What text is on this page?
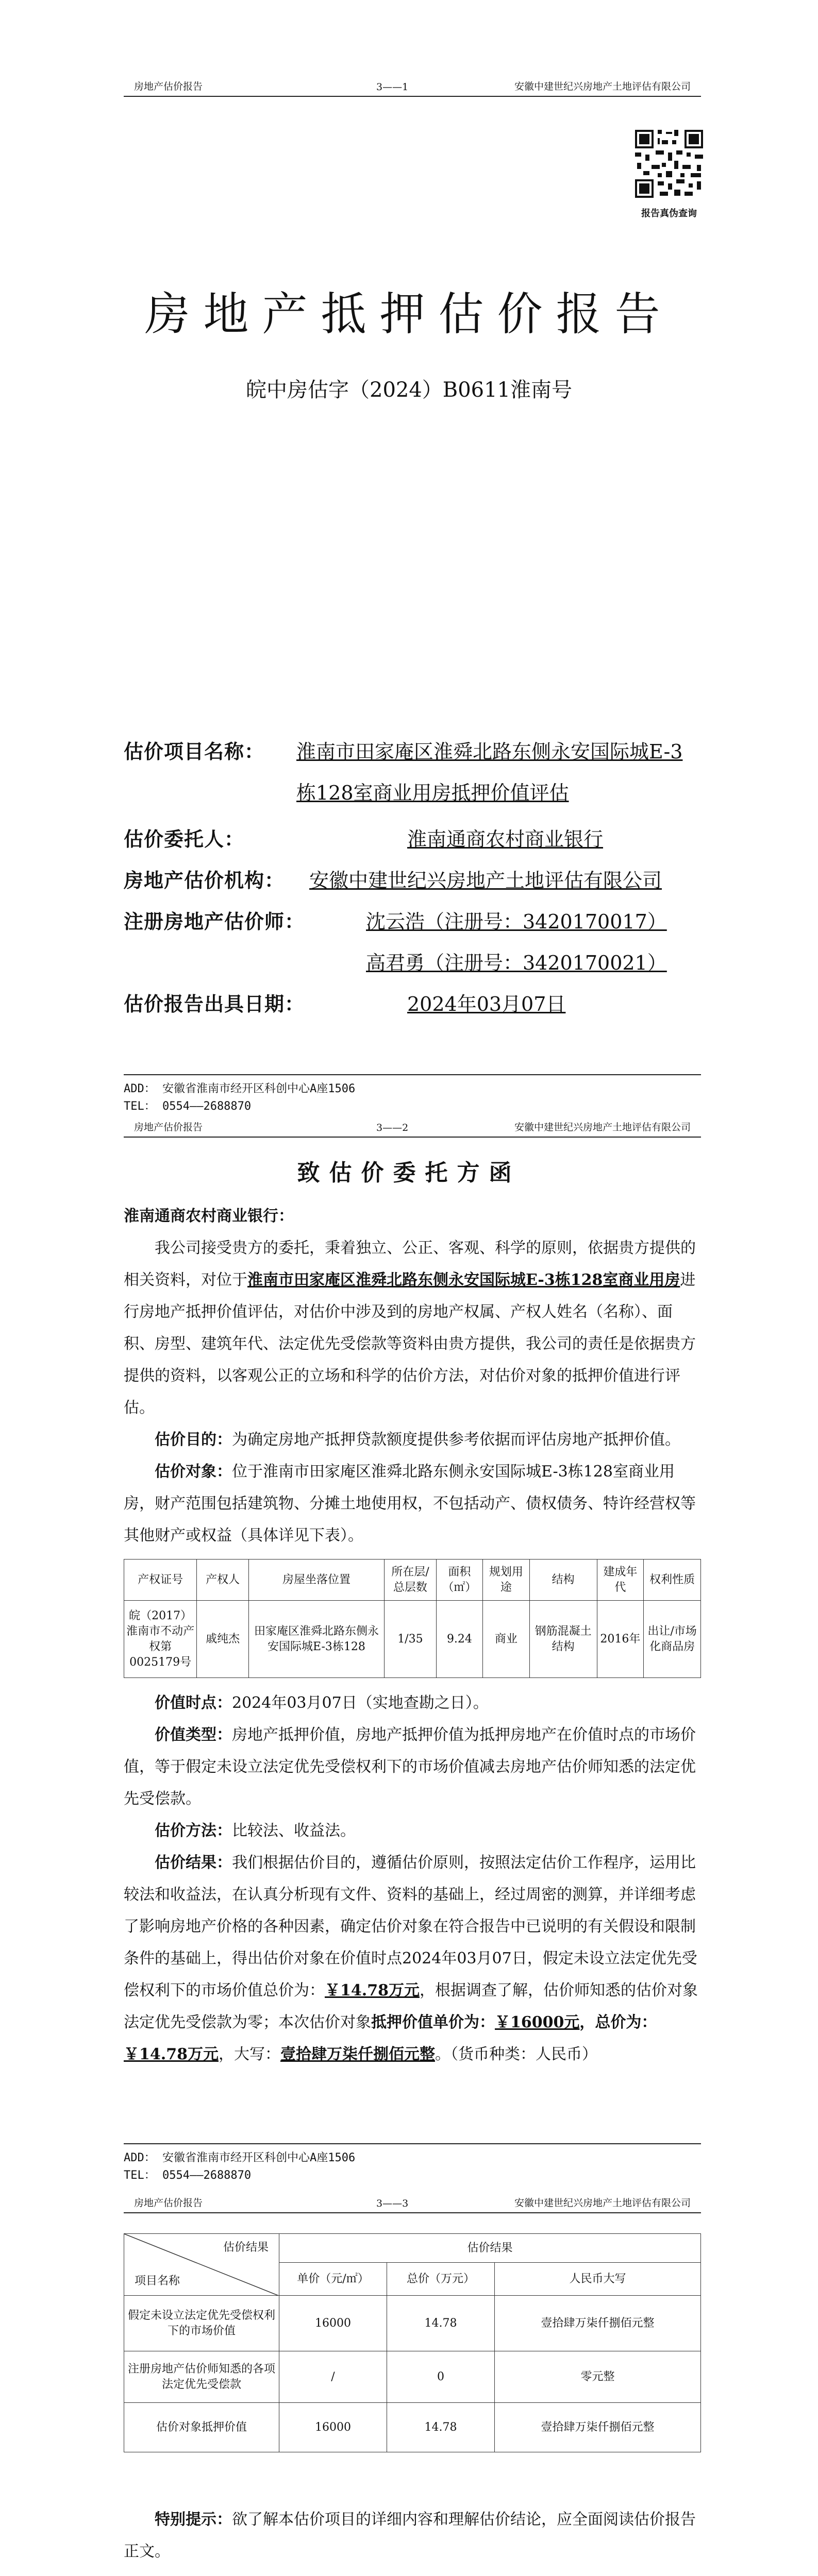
房地产估价报告	3——1	安徽中建世纪兴房地产土地评估有限公司
报告真伪查询
房地产抵押估价报告
皖中房估字（2024）B0611淮南号
估价项目名称： 淮南市田家庵区淮舜北路东侧永安国际城E-3
栋128室商业用房抵押价值评估
估价委托人：	淮南通商农村商业银行
房地产估价机构： 安徽中建世纪兴房地产土地评估有限公司
注册房地产估价师：	沈云浩（注册号：3420170017）
高君勇（注册号：3420170021）
估价报告出具日期：	2024年03月07日
ADD： 安徽省淮南市经开区科创中心A座1506
TEL： 0554——2688870
房地产估价报告	3——2	安徽中建世纪兴房地产土地评估有限公司
致估价委托方函
淮南通商农村商业银行：

我公司接受贵方的委托，秉着独立、公正、客观、科学的原则，依据贵方提供的相关资料，对位于淮南市田家庵区淮舜北路东侧永安国际城E-3栋128室商业用房进行房地产抵押价值评估，对估价中涉及到的房地产权属、产权人姓名（名称）、面积、房型、建筑年代、法定优先受偿款等资料由贵方提供，我公司的责任是依据贵方提供的资料，以客观公正的立场和科学的估价方法，对估价对象的抵押价值进行评估。

估价目的：为确定房地产抵押贷款额度提供参考依据而评估房地产抵押价值。

估价对象：位于淮南市田家庵区淮舜北路东侧永安国际城E-3栋128室商业用房，财产范围包括建筑物、分摊土地使用权，不包括动产、债权债务、特许经营权等其他财产或权益（具体详见下表）。

产权证号	产权人	房屋坐落位置	所在层/总层数	面积（㎡）	规划用途	结构	建成年代	权利性质
皖（2017）淮南市不动产权第0025179号	戚纯杰	田家庵区淮舜北路东侧永安国际城E-3栋128	1/35	9.24	商业	钢筋混凝土结构	2016年	出让/市场化商品房

价值时点：2024年03月07日（实地查勘之日）。

价值类型：房地产抵押价值，房地产抵押价值为抵押房地产在价值时点的市场价值，等于假定未设立法定优先受偿权利下的市场价值减去房地产估价师知悉的法定优先受偿款。

估价方法：比较法、收益法。

估价结果：我们根据估价目的，遵循估价原则，按照法定估价工作程序，运用比较法和收益法，在认真分析现有文件、资料的基础上，经过周密的测算，并详细考虑了影响房地产价格的各种因素，确定估价对象在符合报告中已说明的有关假设和限制条件的基础上，得出估价对象在价值时点2024年03月07日，假定未设立法定优先受偿权利下的市场价值总价为：￥14.78万元，根据调查了解，估价师知悉的估价对象法定优先受偿款为零；本次估价对象抵押价值单价为：￥16000元，总价为：￥14.78万元，大写：壹拾肆万柒仟捌佰元整。（货币种类：人民币）

ADD： 安徽省淮南市经开区科创中心A座1506
TEL： 0554——2688870
房地产估价报告	3——3	安徽中建世纪兴房地产土地评估有限公司
估价结果
项目名称	估价结果		
	单价（元/㎡）	总价（万元）	人民币大写
假定未设立法定优先受偿权利下的市场价值	16000	14.78	壹拾肆万柒仟捌佰元整
注册房地产估价师知悉的各项法定优先受偿款	/	0	零元整
估价对象抵押价值	16000	14.78	壹拾肆万柒仟捌佰元整

特别提示：欲了解本估价项目的详细内容和理解估价结论，应全面阅读估价报告正文。
